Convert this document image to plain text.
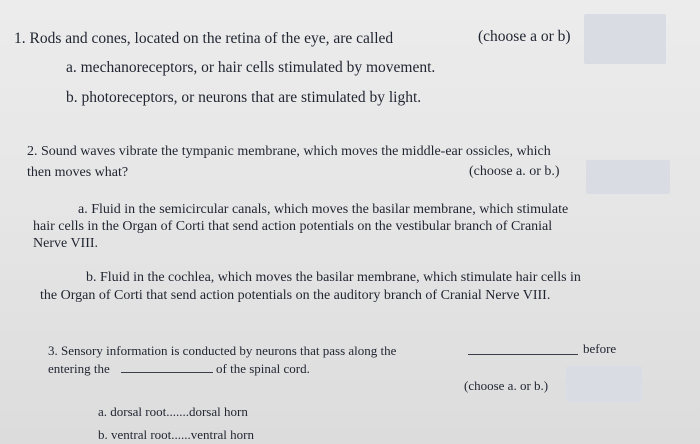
1. Rods and cones, located on the retina of the eye, are called	(choose a or b)
a. mechanoreceptors, or hair cells stimulated by movement.
b. photoreceptors, or neurons that are stimulated by light.
2. Sound waves vibrate the tympanic membrane, which moves the middle-ear ossicles, which
then moves what?	(choose a. or b.)
a. Fluid in the semicircular canals, which moves the basilar membrane, which stimulate
hair cells in the Organ of Corti that send action potentials on the vestibular branch of Cranial
Nerve VIII.
b. Fluid in the cochlea, which moves the basilar membrane, which stimulate hair cells in
the Organ of Corti that send action potentials on the auditory branch of Cranial Nerve VIII.
3. Sensory information is conducted by neurons that pass along the	before
entering the	of the spinal cord.
(choose a. or b.)
a. dorsal root.......dorsal horn
b. ventral root......ventral horn
